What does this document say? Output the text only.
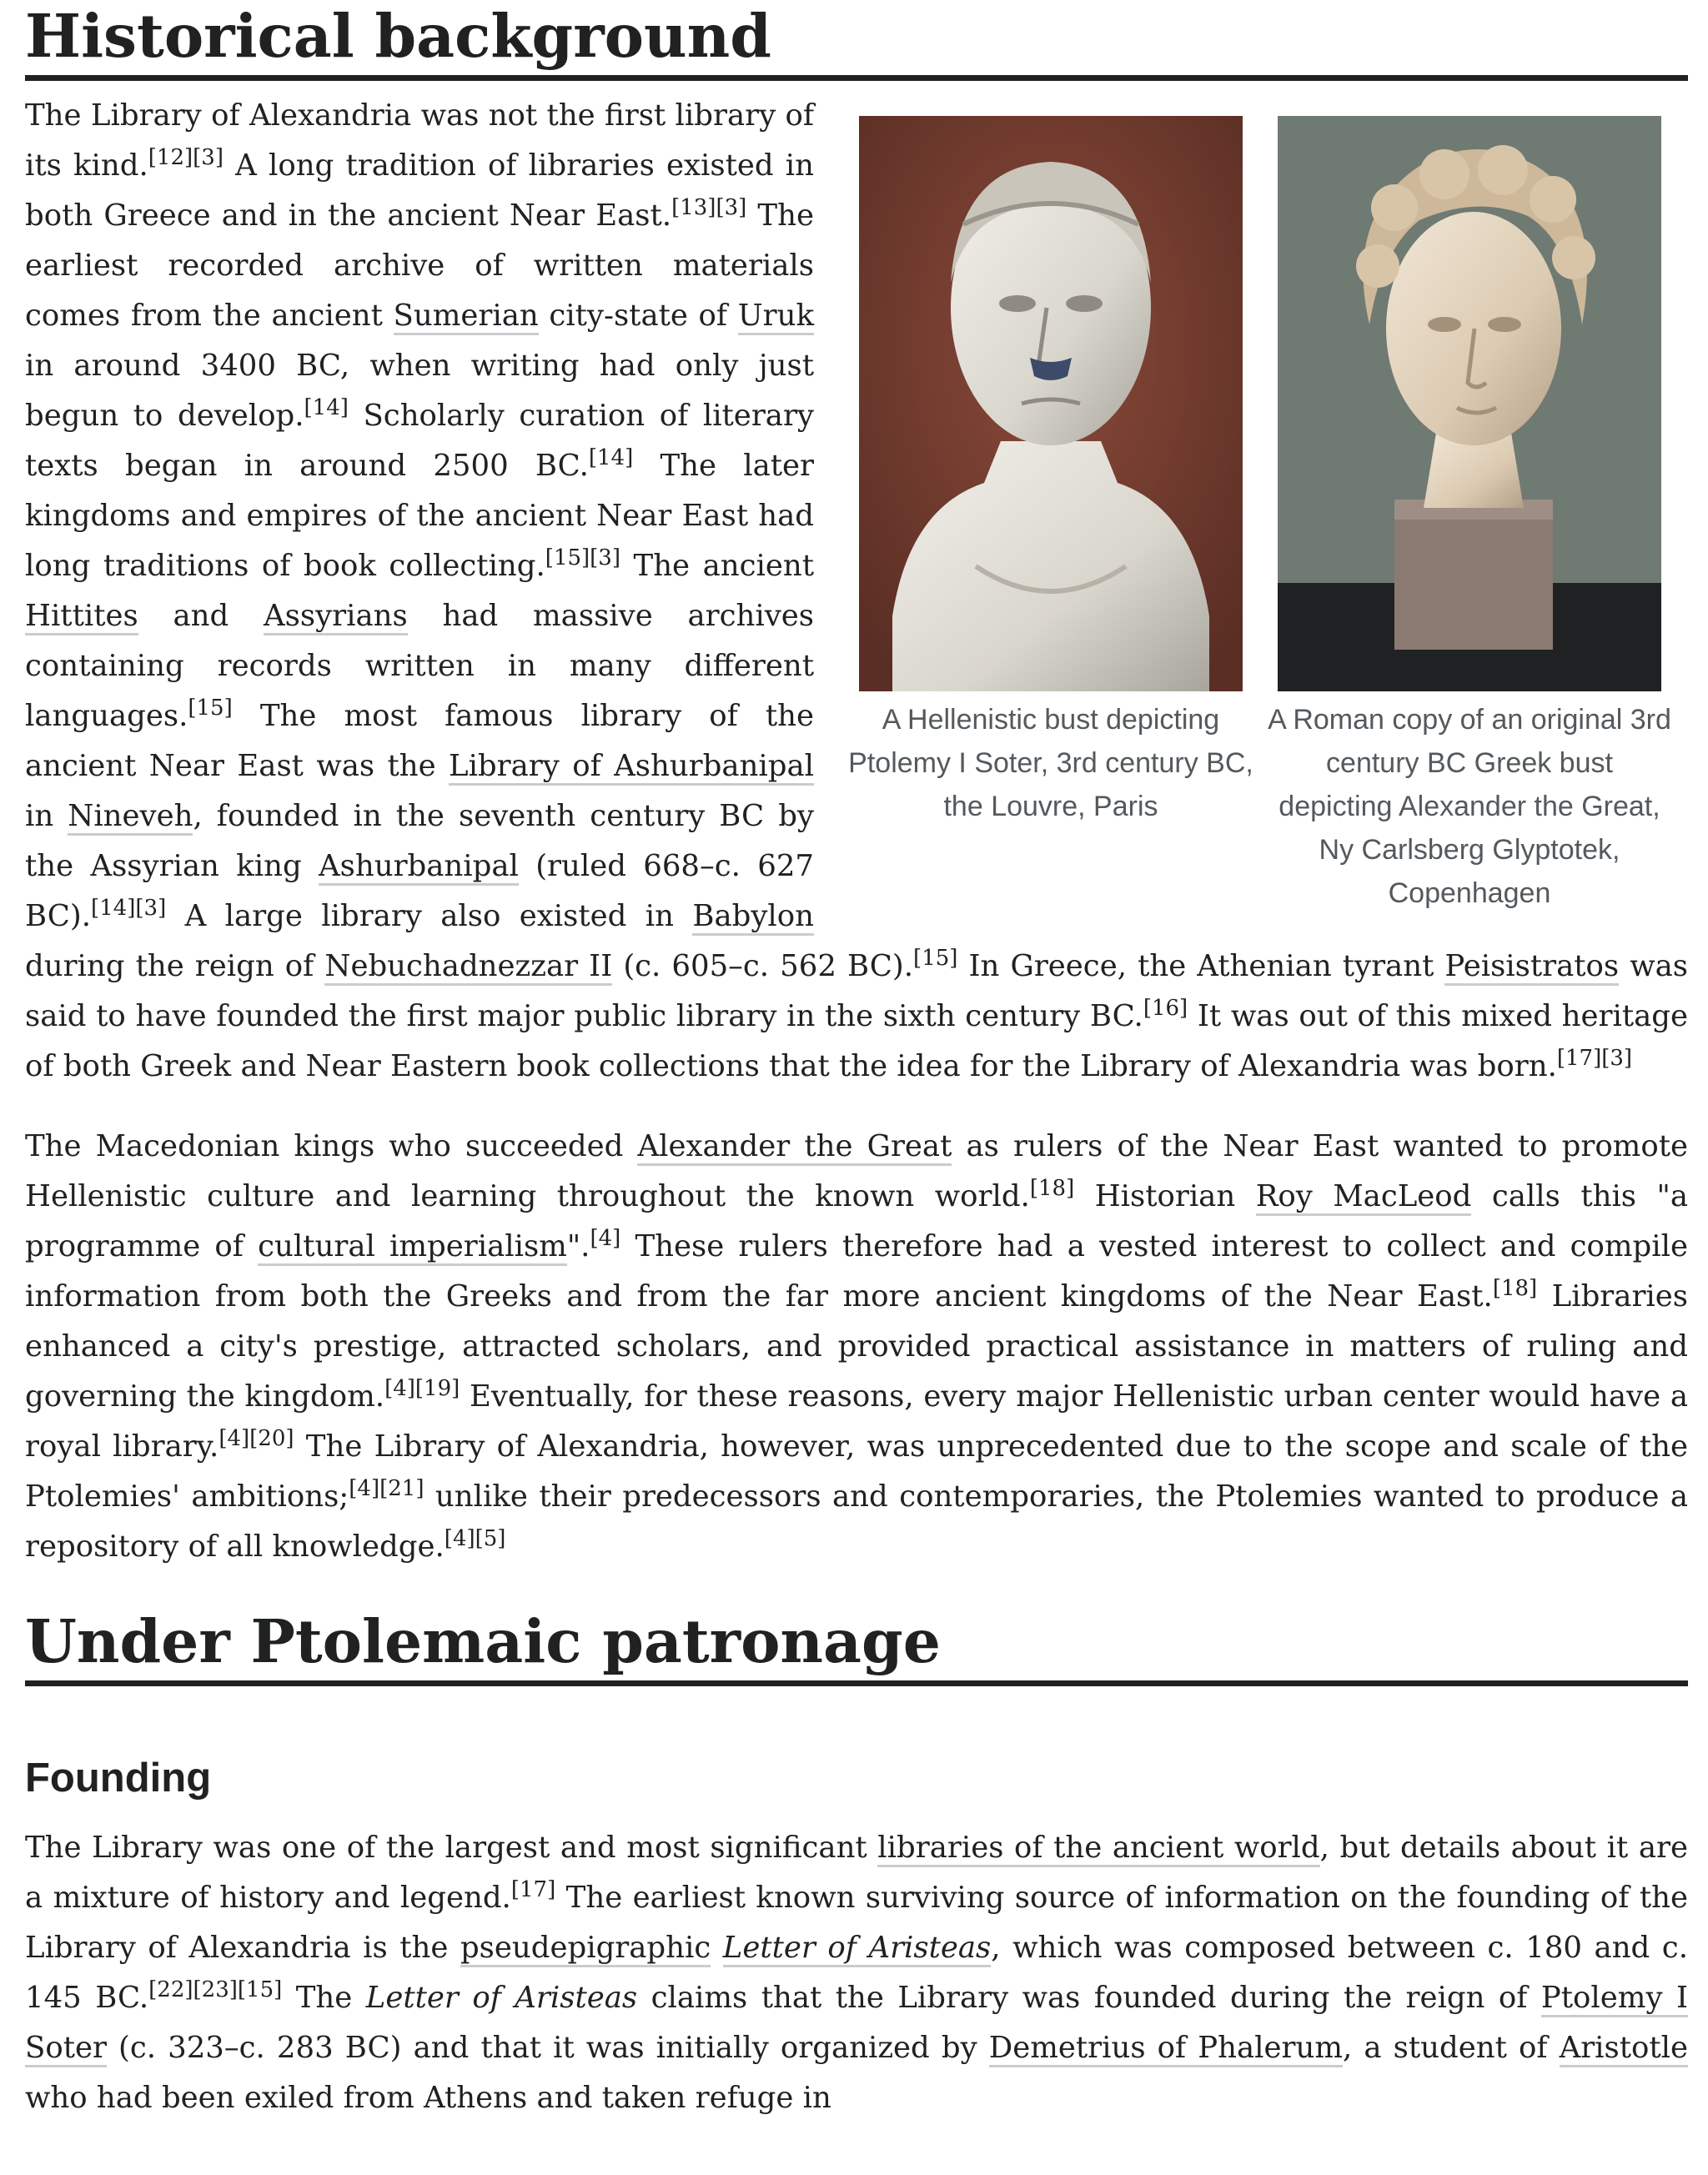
Historical background
A Hellenistic bust depicting Ptolemy I Soter, 3rd century BC, the Louvre, Paris
A Roman copy of an original 3rd century BC Greek bust depicting Alexander the Great, Ny Carlsberg Glyptotek, Copenhagen

The Library of Alexandria was not the first library of its kind.[12][3] A long tradition of libraries existed in both Greece and in the ancient Near East.[13][3] The earliest recorded archive of written materials comes from the ancient Sumerian city-state of Uruk in around 3400 BC, when writing had only just begun to develop.[14] Scholarly curation of literary texts began in around 2500 BC.[14] The later kingdoms and empires of the ancient Near East had long traditions of book collecting.[15][3] The ancient Hittites and Assyrians had massive archives containing records written in many different languages.[15] The most famous library of the ancient Near East was the Library of Ashurbanipal in Nineveh, founded in the seventh century BC by the Assyrian king Ashurbanipal (ruled 668–c. 627 BC).[14][3] A large library also existed in Babylon during the reign of Nebuchadnezzar II (c. 605–c. 562 BC).[15] In Greece, the Athenian tyrant Peisistratos was said to have founded the first major public library in the sixth century BC.[16] It was out of this mixed heritage of both Greek and Near Eastern book collections that the idea for the Library of Alexandria was born.[17][3]

The Macedonian kings who succeeded Alexander the Great as rulers of the Near East wanted to promote Hellenistic culture and learning throughout the known world.[18] Historian Roy MacLeod calls this "a programme of cultural imperialism".[4] These rulers therefore had a vested interest to collect and compile information from both the Greeks and from the far more ancient kingdoms of the Near East.[18] Libraries enhanced a city's prestige, attracted scholars, and provided practical assistance in matters of ruling and governing the kingdom.[4][19] Eventually, for these reasons, every major Hellenistic urban center would have a royal library.[4][20] The Library of Alexandria, however, was unprecedented due to the scope and scale of the Ptolemies' ambitions;[4][21] unlike their predecessors and contemporaries, the Ptolemies wanted to produce a repository of all knowledge.[4][5]

Under Ptolemaic patronage
Founding

The Library was one of the largest and most significant libraries of the ancient world, but details about it are a mixture of history and legend.[17] The earliest known surviving source of information on the founding of the Library of Alexandria is the pseudepigraphic Letter of Aristeas, which was composed between c. 180 and c. 145 BC.[22][23][15] The Letter of Aristeas claims that the Library was founded during the reign of Ptolemy I Soter (c. 323–c. 283 BC) and that it was initially organized by Demetrius of Phalerum, a student of Aristotle who had been exiled from Athens and taken refuge in
